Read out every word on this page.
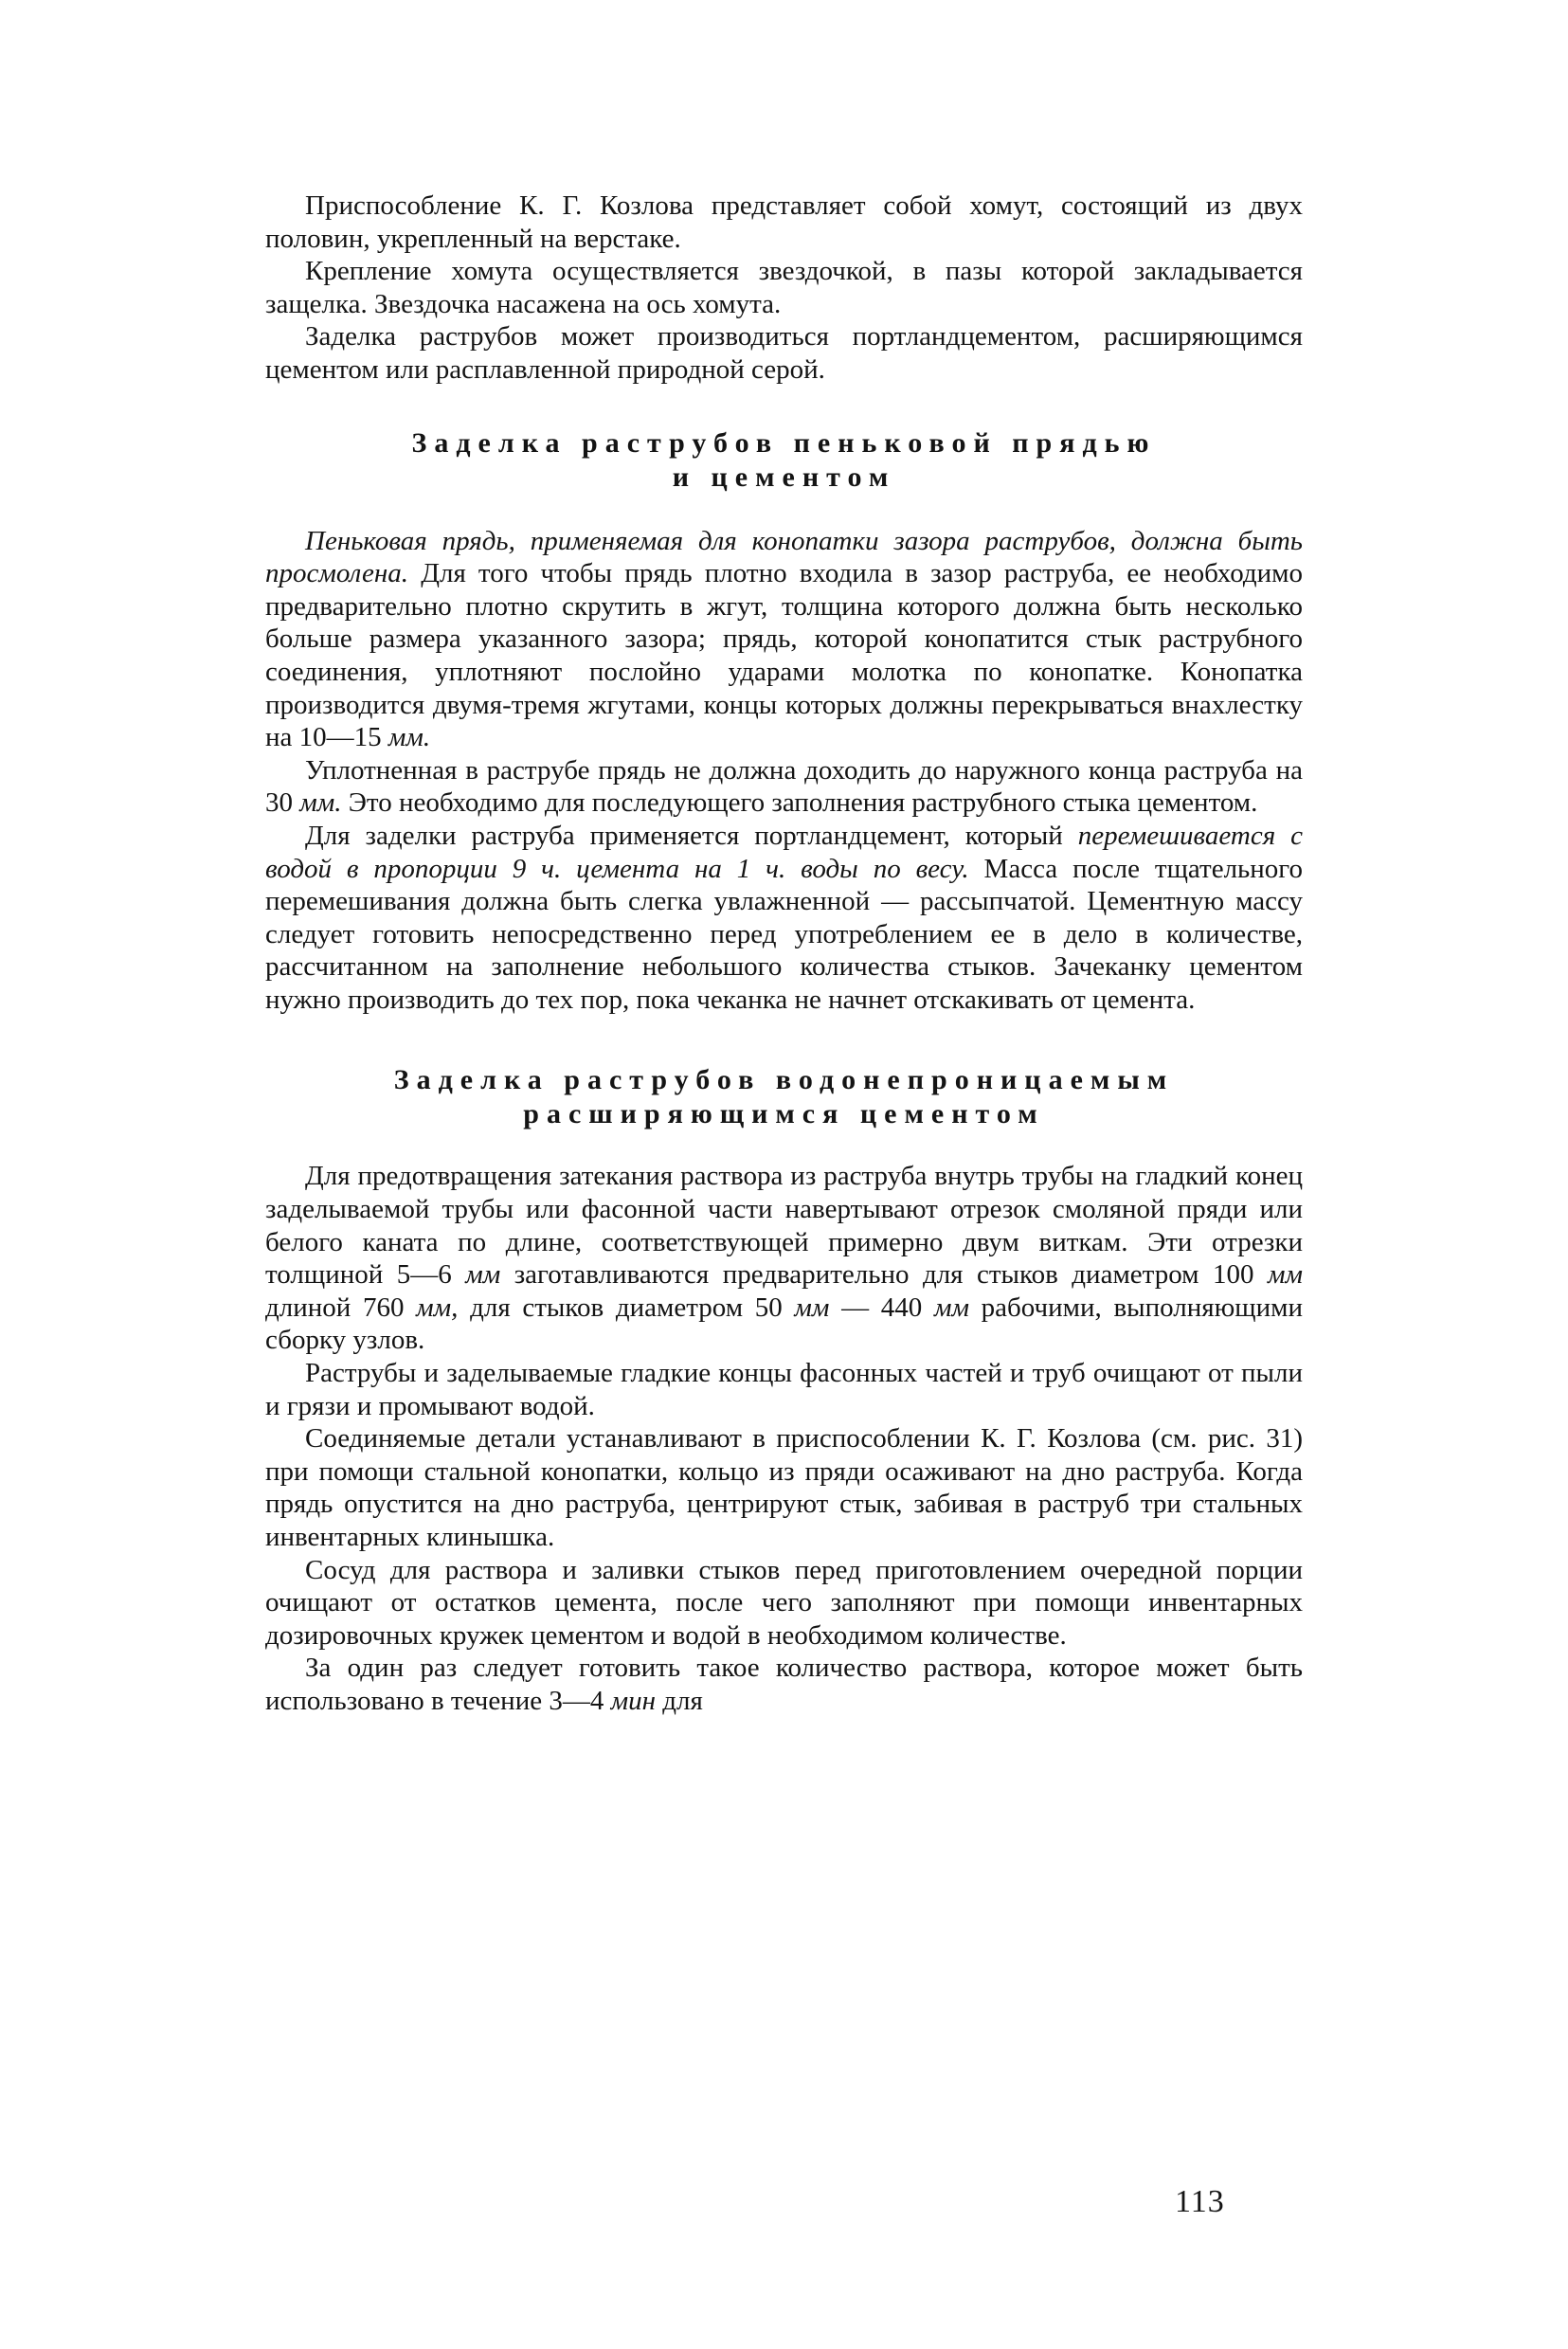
Приспособление К. Г. Козлова представляет собой хомут, состоящий из двух половин, укрепленный на верстаке.

Крепление хомута осуществляется звездочкой, в пазы которой закладывается защелка. Звездочка насажена на ось хомута.

Заделка раструбов может производиться портландцементом, расширяющимся цементом или расплавленной природной серой.

Заделка раструбов пеньковой прядью
и цементом

Пеньковая прядь, применяемая для конопатки зазора раструбов, должна быть просмолена. Для того чтобы прядь плотно входила в зазор раструба, ее необходимо предварительно плотно скрутить в жгут, толщина которого должна быть несколько больше размера указанного зазора; прядь, которой конопатится стык раструбного соединения, уплотняют послойно ударами молотка по конопатке. Конопатка производится двумя-тремя жгутами, концы которых должны перекрываться внахлестку на 10—15 мм.

Уплотненная в раструбе прядь не должна доходить до наружного конца раструба на 30 мм. Это необходимо для последующего заполнения раструбного стыка цементом.

Для заделки раструба применяется портландцемент, который перемешивается с водой в пропорции 9 ч. цемента на 1 ч. воды по весу. Масса после тщательного перемешивания должна быть слегка увлажненной — рассыпчатой. Цементную массу следует готовить непосредственно перед употреблением ее в дело в количестве, рассчитанном на заполнение небольшого количества стыков. Зачеканку цементом нужно производить до тех пор, пока чеканка не начнет отскакивать от цемента.

Заделка раструбов водонепроницаемым
расширяющимся цементом

Для предотвращения затекания раствора из раструба внутрь трубы на гладкий конец заделываемой трубы или фасонной части навертывают отрезок смоляной пряди или белого каната по длине, соответствующей примерно двум виткам. Эти отрезки толщиной 5—6 мм заготавливаются предварительно для стыков диаметром 100 мм длиной 760 мм, для стыков диаметром 50 мм — 440 мм рабочими, выполняющими сборку узлов.

Раструбы и заделываемые гладкие концы фасонных частей и труб очищают от пыли и грязи и промывают водой.

Соединяемые детали устанавливают в приспособлении К. Г. Козлова (см. рис. 31) при помощи стальной конопатки, кольцо из пряди осаживают на дно раструба. Когда прядь опустится на дно раструба, центрируют стык, забивая в раструб три стальных инвентарных клинышка.

Сосуд для раствора и заливки стыков перед приготовлением очередной порции очищают от остатков цемента, после чего заполняют при помощи инвентарных дозировочных кружек цементом и водой в необходимом количестве.

За один раз следует готовить такое количество раствора, которое может быть использовано в течение 3—4 мин для

113
